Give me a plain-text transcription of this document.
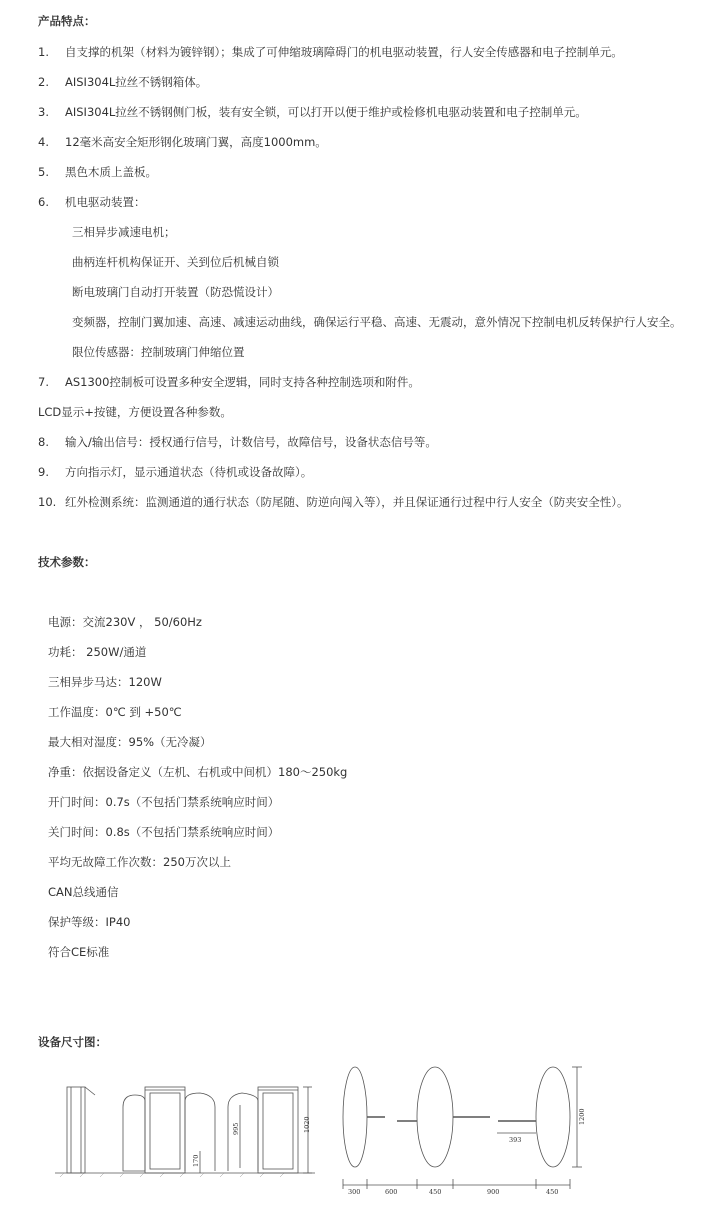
产品特点：
1. 自支撑的机架（材料为镀锌钢）；集成了可伸缩玻璃障碍门的机电驱动装置，行人安全传感器和电子控制单元。
2. AISI304L拉丝不锈钢箱体。
3. AISI304L拉丝不锈钢侧门板，装有安全锁，可以打开以便于维护或检修机电驱动装置和电子控制单元。
4. 12毫米高安全矩形钢化玻璃门翼，高度1000mm。
5. 黑色木质上盖板。
6. 机电驱动装置：
三相异步减速电机；
曲柄连杆机构保证开、关到位后机械自锁
断电玻璃门自动打开装置（防恐慌设计）
变频器，控制门翼加速、高速、减速运动曲线，确保运行平稳、高速、无震动，意外情况下控制电机反转保护行人安全。
限位传感器：控制玻璃门伸缩位置
7. AS1300控制板可设置多种安全逻辑，同时支持各种控制选项和附件。
LCD显示+按键，方便设置各种参数。
8. 输入/输出信号：授权通行信号，计数信号，故障信号，设备状态信号等。
9. 方向指示灯，显示通道状态（待机或设备故障）。
10. 红外检测系统：监测通道的通行状态（防尾随、防逆向闯入等），并且保证通行过程中行人安全（防夹安全性）。
技术参数：
电源：交流230V ， 50/60Hz
功耗： 250W/通道
三相异步马达：120W
工作温度：0℃ 到 +50℃
最大相对湿度：95%（无冷凝）
净重：依据设备定义（左机、右机或中间机）180～250kg
开门时间：0.7s（不包括门禁系统响应时间）
关门时间：0.8s（不包括门禁系统响应时间）
平均无故障工作次数：250万次以上
CAN总线通信
保护等级：IP40
符合CE标准
设备尺寸图：
1020
995
170
1200
393
300	600	450	900	450
